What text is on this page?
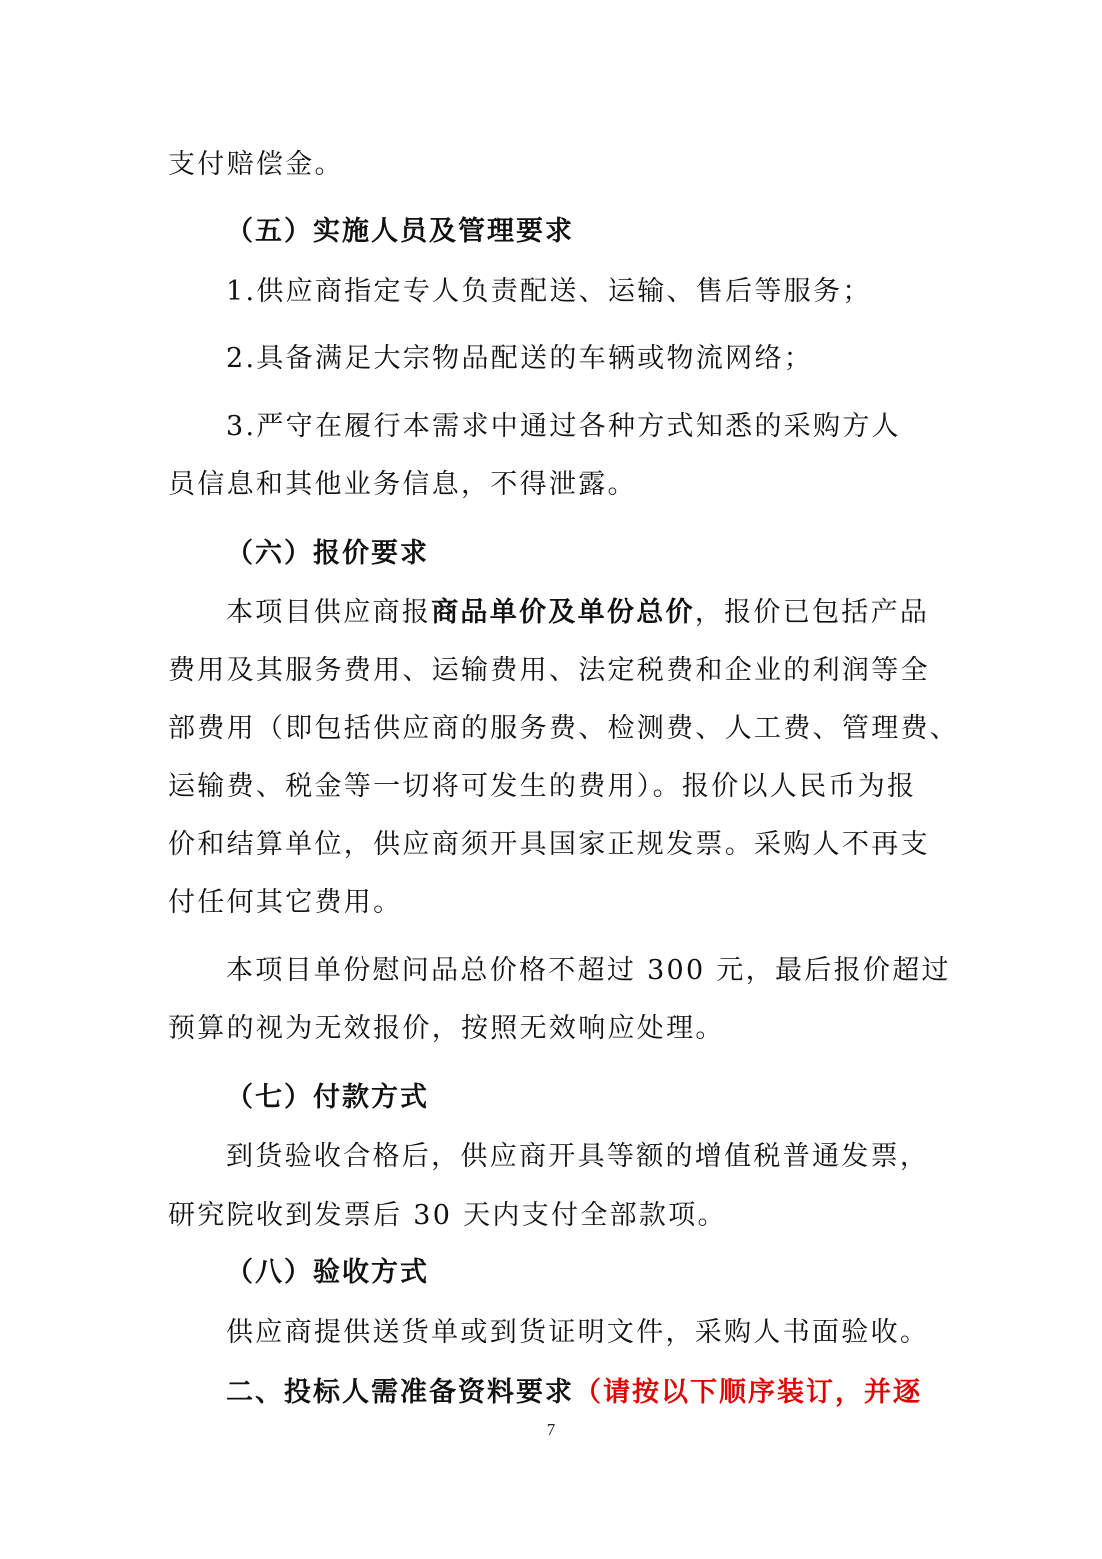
支付赔偿金。
（五）实施人员及管理要求
1.供应商指定专人负责配送、运输、售后等服务；
2.具备满足大宗物品配送的车辆或物流网络；
3.严守在履行本需求中通过各种方式知悉的采购方人
员信息和其他业务信息，不得泄露。
（六）报价要求
本项目供应商报商品单价及单份总价，报价已包括产品
费用及其服务费用、运输费用、法定税费和企业的利润等全
部费用（即包括供应商的服务费、检测费、人工费、管理费、
运输费、税金等一切将可发生的费用）。报价以人民币为报
价和结算单位，供应商须开具国家正规发票。采购人不再支
付任何其它费用。
本项目单份慰问品总价格不超过 300 元，最后报价超过
预算的视为无效报价，按照无效响应处理。
（七）付款方式
到货验收合格后，供应商开具等额的增值税普通发票，
研究院收到发票后 30 天内支付全部款项。
（八）验收方式
供应商提供送货单或到货证明文件，采购人书面验收。
二、投标人需准备资料要求（请按以下顺序装订，并逐
7
